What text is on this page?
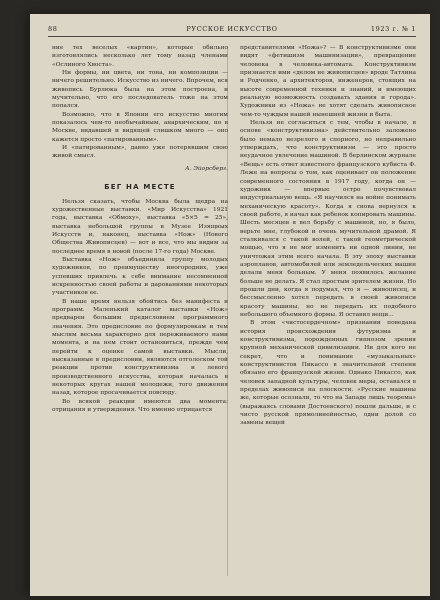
88	РУССКОЕ ИСКУССТВО	1923 г. № 1

ние тех веселых «картин», которые обильно изготовлялись несколько лет тому назад членами «Ослиного Хвоста».

Ни формы, ни цвета, ни тона, ни композиции — ничего решительно. Искусство из ничего. Впрочем, вся живопись Бурлюка была на этом построена, и мучительно, что его последователь тоже на этом попался.

Возможно, что в Японии его искусство многим показалось чем-то необычайным, анархическим, но в Москве, видавшей и видящей слишком много — оно кажется просто «патированным».

И «патированным», давно уже потерявшим свою живой смысл.

А. Эйорсберг.
БЕГ НА МЕСТЕ

Нельзя сказать, чтобы Москва была щедра на художественные выставки. «Мир Искусства» 1921 года, выставка «Обмоху», выставка «5×5 = 25», выставка небольшой группы в Музее Изящных Искусств и, наконец, выставка «Нож» (Нового Общества Живописцев) — вот и все, что мы видим за последнее время в новой (после 17-го года) Москве.

Выставка «Нож» объединила группу молодых художников, по преимуществу иногородних, уже успевших привлечь к себе внимание несомненной искренностью своей работы и дарованиями некоторых участников ее.

В наше время нельзя обойтись без манифеста и программ. Маленький каталог выставки «Нож» предварен большим предисловием программного значения. Это предисловие по формулировкам и тем мыслям весьма характерно для переживаемого нами момента, и на нем стоит остановиться, прежде чем перейти к оценке самой выставки. Мысли, высказанные в предисловии, являются отголоском той реакции против конструктивизма и левого производственного искусства, которая началась в некоторых кругах нашей молодежи, того движения назад, которое просачивается повсюду.

Во всякой реакции имеются два момента: отрицания и утверждения. Что именно отрицается

представителями «Ножа»? — В конструктивизме они видят «фетишизм машинизации», превращение человека в человека-автомата. Конструктивизм признается ими «делом не живописцев» вроде Татлина и Родченко, а архитекторов, инженеров, стоящих на высоте современной техники и знаний, и имеющих реальную возможность создавать здания и города». Художники из «Ножа» не хотят сделать живописное чем-то чуждым нашей нынешней жизни и быта.

Нельзя не согласиться с тем, чтобы в начале, в основе «конструктивизма» действительно заложено было немало незрелого и спорного, но неправильно утверждать, что конструктивизм — это просто неудачное увлечение машиной. В берлинском журнале «Вещь» есть ответ известного французского кубиста Ф. Леже на вопросы о том, как оценивает он положение современного состояния в 1917 году, когда он — художник — впервые остро почувствовал индустриальную вещь. «Я научился на войне понимать механическую красоту». Когда я снова вернулся к своей работе, я начал как ребенок копировать машины. Шесть месяцев я вел борьбу с машиной, но, я было, верьте мне, глубокой и очень мучительной драмой. Я сталкивался с такой волей, с такой геометрической мощью, что я не мог изменить ни одной линии, не уничтожая этим всего начала. В эту эпоху выставки аэропланов, автомобилей или земледельческих машин делали меня больным. У меня появилось желание больше не делать. Я стал простым зрителем жизни. Но прошли дни, когда я подумал, что я — живописец, и бессмысленно хотел передать в своей живописи красоту машины, но не передать их подобного небольшого объемного формы. Я оставил вещи...

В этом «чистосердечном» признании поведана история происхождения футуризма и конструктивизма, порожденных гипнозом зрения крупной механической цивилизации. Ни для кого не секрет, что и понимание «музыкальных» конструктивистов Пикассо в значительной степени обязано его французской жизни. Однако Пикассо, как человек западной культуры, человек меры, оставался в пределах живописи на плоскости. «Русские машины же, которые осознали, то что на Западе лишь теорема» (выражаясь словами Достоевского) пошли дальше, и с чисто русской прямолинейностью, одни долой со замены вещей
